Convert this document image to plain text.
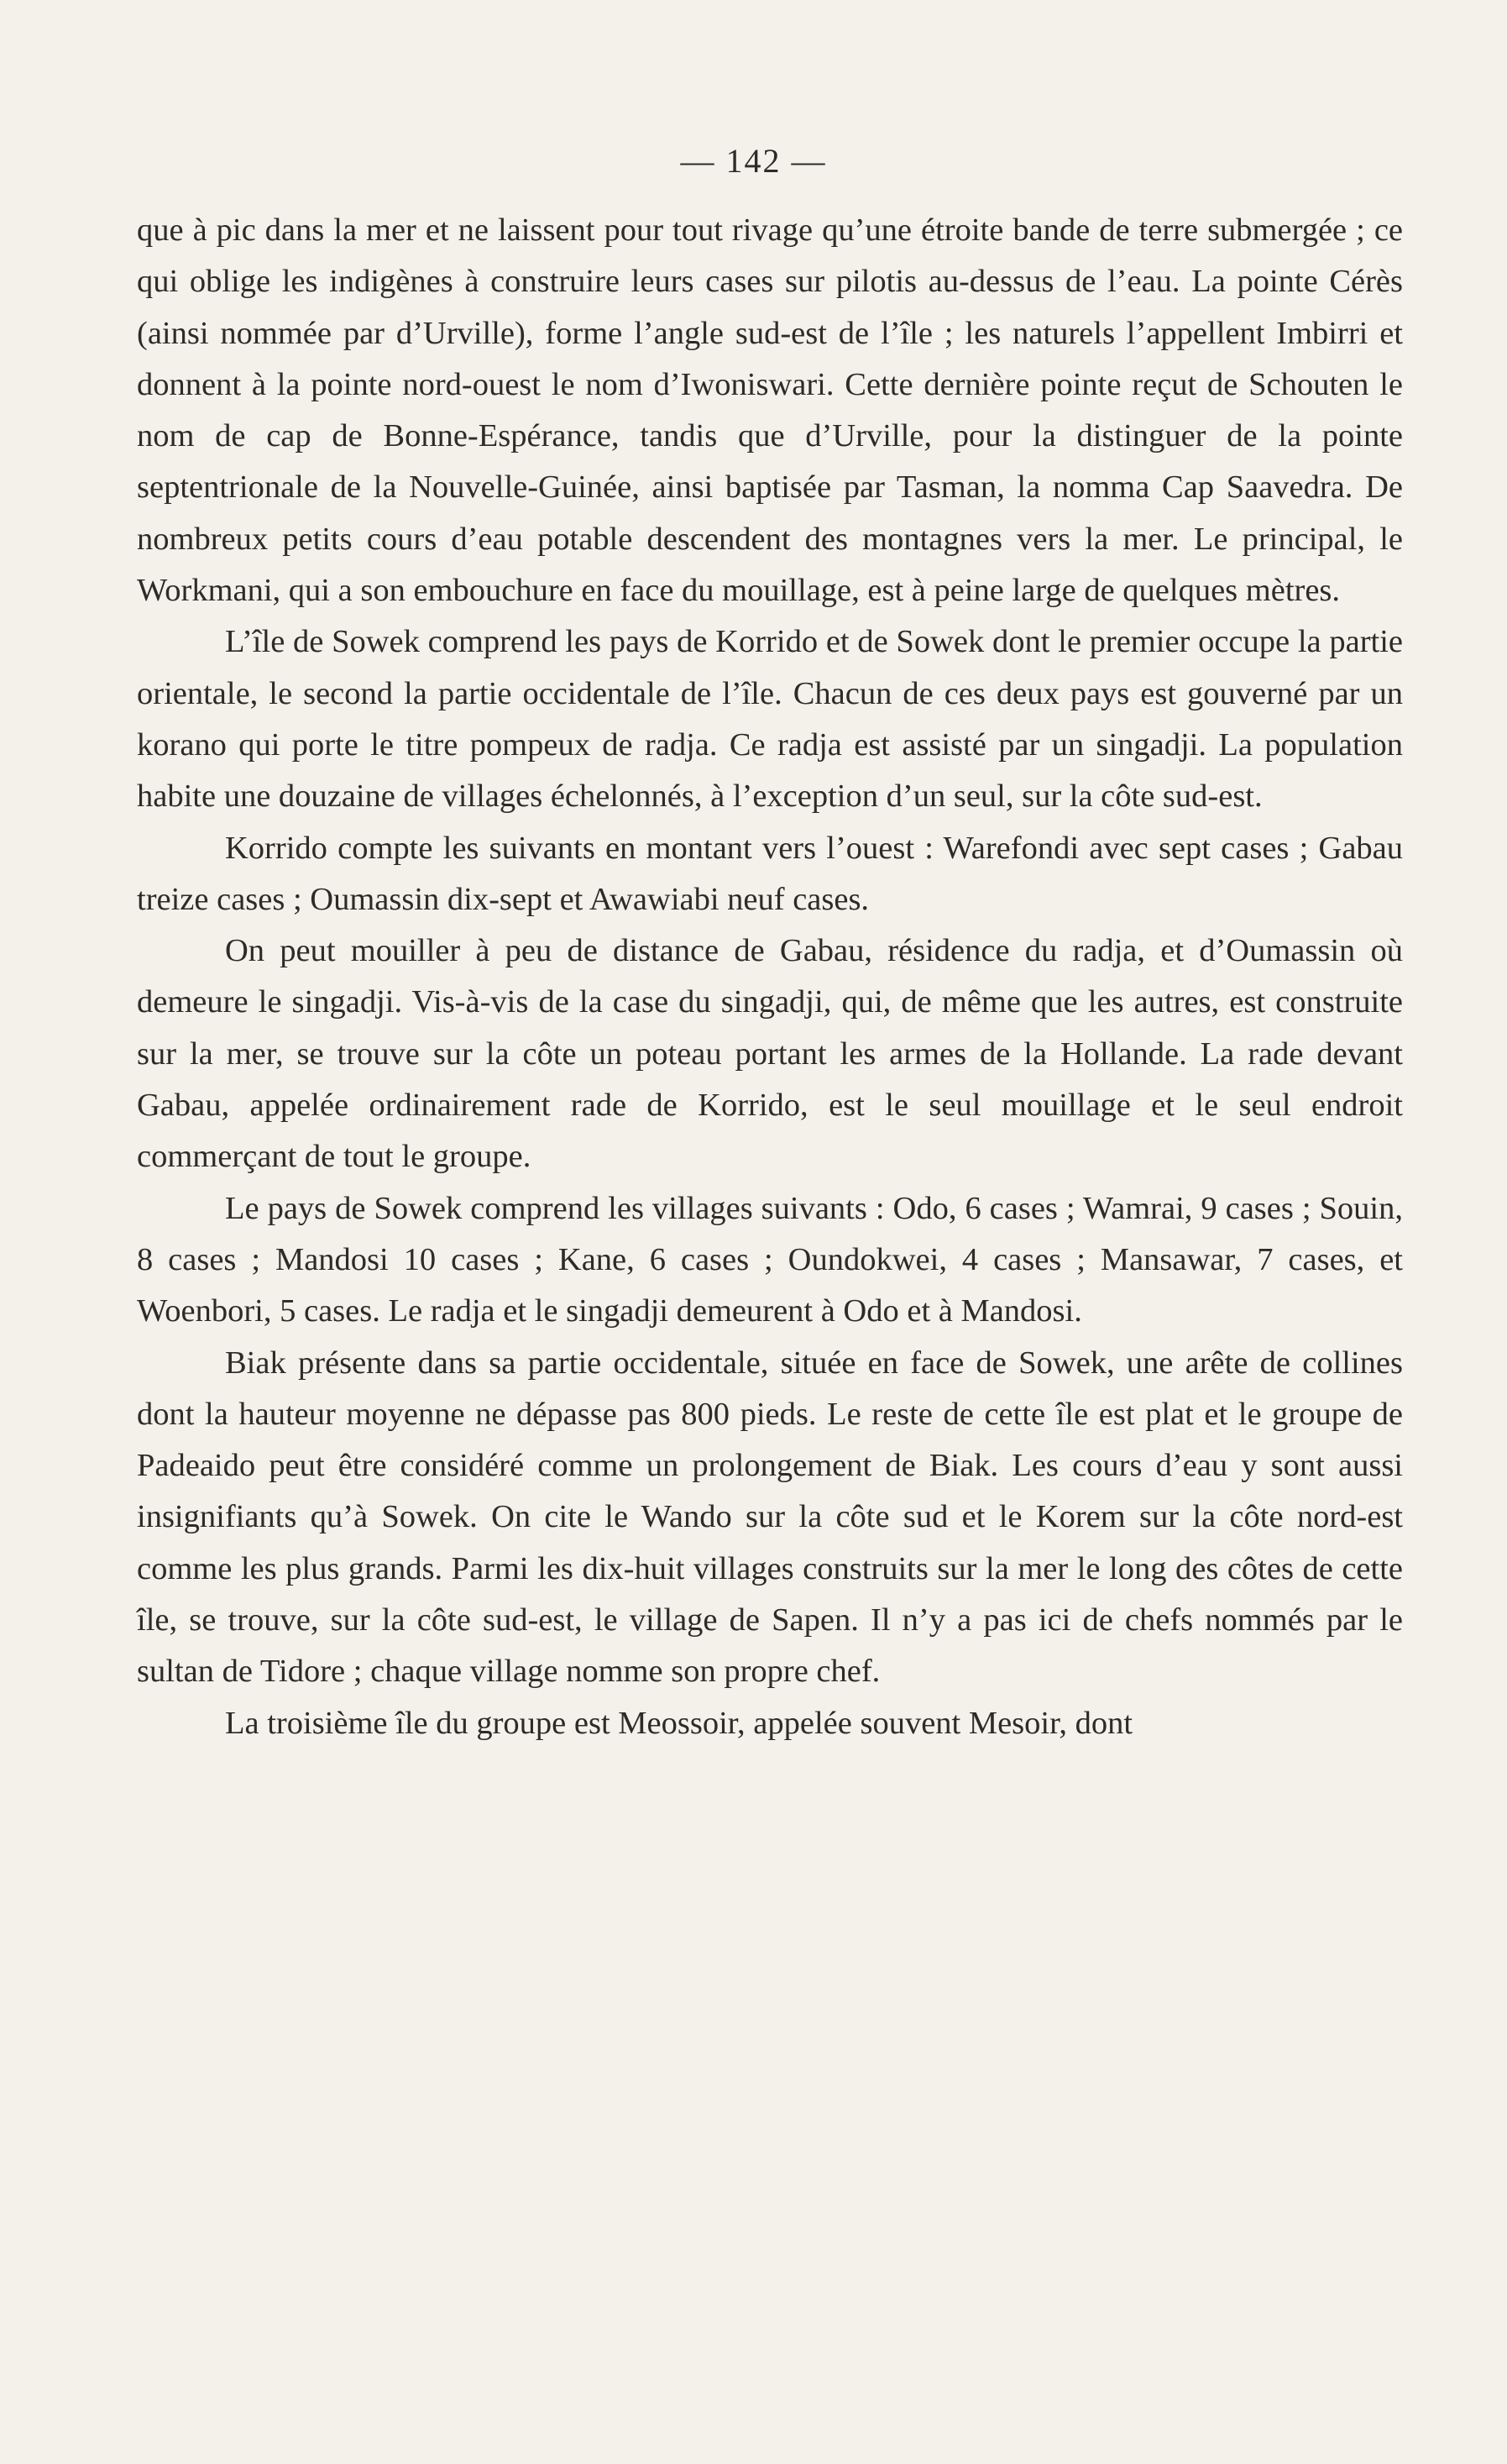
— 142 —

que à pic dans la mer et ne laissent pour tout rivage qu’une étroite bande de terre submergée ; ce qui oblige les indigènes à construire leurs cases sur pilotis au-dessus de l’eau. La pointe Cérès (ainsi nommée par d’Urville), forme l’angle sud-est de l’île ; les naturels l’appellent Imbirri et donnent à la pointe nord-ouest le nom d’Iwoniswari. Cette dernière pointe reçut de Schouten le nom de cap de Bonne-Espérance, tandis que d’Urville, pour la distinguer de la pointe septentrionale de la Nouvelle-Guinée, ainsi baptisée par Tasman, la nomma Cap Saavedra. De nombreux petits cours d’eau potable descendent des montagnes vers la mer. Le principal, le Workmani, qui a son embouchure en face du mouillage, est à peine large de quelques mètres.

L’île de Sowek comprend les pays de Korrido et de Sowek dont le premier occupe la partie orientale, le second la partie occidentale de l’île. Chacun de ces deux pays est gouverné par un korano qui porte le titre pompeux de radja. Ce radja est assisté par un singadji. La population habite une douzaine de villages échelonnés, à l’exception d’un seul, sur la côte sud-est.

Korrido compte les suivants en montant vers l’ouest : Warefondi avec sept cases ; Gabau treize cases ; Oumassin dix-sept et Awawiabi neuf cases.

On peut mouiller à peu de distance de Gabau, résidence du radja, et d’Oumassin où demeure le singadji. Vis-à-vis de la case du singadji, qui, de même que les autres, est construite sur la mer, se trouve sur la côte un poteau portant les armes de la Hollande. La rade devant Gabau, appelée ordinairement rade de Korrido, est le seul mouillage et le seul endroit commerçant de tout le groupe.

Le pays de Sowek comprend les villages suivants : Odo, 6 cases ; Wamrai, 9 cases ; Souin, 8 cases ; Mandosi 10 cases ; Kane, 6 cases ; Oundokwei, 4 cases ; Mansawar, 7 cases, et Woenbori, 5 cases. Le radja et le singadji demeurent à Odo et à Mandosi.

Biak présente dans sa partie occidentale, située en face de Sowek, une arête de collines dont la hauteur moyenne ne dépasse pas 800 pieds. Le reste de cette île est plat et le groupe de Padeaido peut être considéré comme un prolongement de Biak. Les cours d’eau y sont aussi insignifiants qu’à Sowek. On cite le Wando sur la côte sud et le Korem sur la côte nord-est comme les plus grands. Parmi les dix-huit villages construits sur la mer le long des côtes de cette île, se trouve, sur la côte sud-est, le village de Sapen. Il n’y a pas ici de chefs nommés par le sultan de Tidore ; chaque village nomme son propre chef.

La troisième île du groupe est Meossoir, appelée souvent Mesoir, dont
